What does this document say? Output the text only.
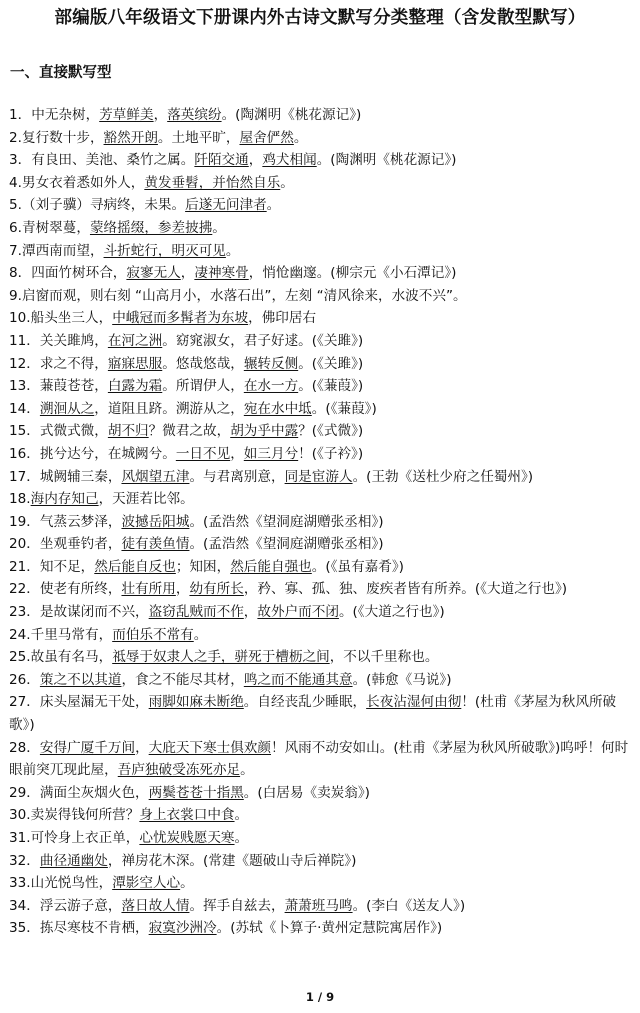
部编版八年级语文下册课内外古诗文默写分类整理（含发散型默写）
一、直接默写型
1．中无杂树，芳草鲜美，落英缤纷。(陶渊明《桃花源记》)
2.复行数十步，豁然开朗。土地平旷，屋舍俨然。
3．有良田、美池、桑竹之属。阡陌交通，鸡犬相闻。(陶渊明《桃花源记》)
4.男女衣着悉如外人，黄发垂髫，并怡然自乐。
5.（刘子骥）寻病终，未果。后遂无问津者。
6.青树翠蔓，蒙络摇缀，参差披拂。
7.潭西南而望，斗折蛇行，明灭可见。
8．四面竹树环合，寂寥无人，凄神寒骨，悄怆幽邃。(柳宗元《小石潭记》)
9.启窗而观，则右刻 “山高月小，水落石出”，左刻 “清风徐来，水波不兴”。
10.船头坐三人，中峨冠而多髯者为东坡，佛印居右
11．关关雎鸠，在河之洲。窈窕淑女，君子好逑。(《关雎》)
12．求之不得，寤寐思服。悠哉悠哉，辗转反侧。(《关雎》)
13．蒹葭苍苍，白露为霜。所谓伊人，在水一方。(《蒹葭》)
14．溯洄从之，道阻且跻。溯游从之，宛在水中坻。(《蒹葭》)
15．式微式微，胡不归？微君之故，胡为乎中露？(《式微》)
16．挑兮达兮，在城阙兮。一日不见，如三月兮！(《子衿》)
17．城阙辅三秦，风烟望五津。与君离别意，同是宦游人。(王勃《送杜少府之任蜀州》)
18.海内存知己，天涯若比邻。
19．气蒸云梦泽，波撼岳阳城。(孟浩然《望洞庭湖赠张丞相》)
20．坐观垂钓者，徒有羡鱼情。(孟浩然《望洞庭湖赠张丞相》)
21．知不足，然后能自反也；知困，然后能自强也。(《虽有嘉肴》)
22．使老有所终，壮有所用，幼有所长，矜、寡、孤、独、废疾者皆有所养。(《大道之行也》)
23．是故谋闭而不兴，盗窃乱贼而不作，故外户而不闭。(《大道之行也》)
24.千里马常有，而伯乐不常有。
25.故虽有名马，祗辱于奴隶人之手，骈死于槽枥之间，不以千里称也。
26．策之不以其道，食之不能尽其材，鸣之而不能通其意。(韩愈《马说》)
27．床头屋漏无干处，雨脚如麻未断绝。自经丧乱少睡眠，长夜沾湿何由彻！(杜甫《茅屋为秋风所破歌》)
28．安得广厦千万间，大庇天下寒士俱欢颜！风雨不动安如山。(杜甫《茅屋为秋风所破歌》)呜呼！何时眼前突兀现此屋，吾庐独破受冻死亦足。
29．满面尘灰烟火色，两鬓苍苍十指黑。(白居易《卖炭翁》)
30.卖炭得钱何所营？身上衣裳口中食。
31.可怜身上衣正单，心忧炭贱愿天寒。
32．曲径通幽处，禅房花木深。(常建《题破山寺后禅院》)
33.山光悦鸟性，潭影空人心。
34．浮云游子意，落日故人情。挥手自兹去，萧萧班马鸣。(李白《送友人》)
35．拣尽寒枝不肯栖，寂寞沙洲冷。(苏轼《卜算子·黄州定慧院寓居作》)
1 / 9
